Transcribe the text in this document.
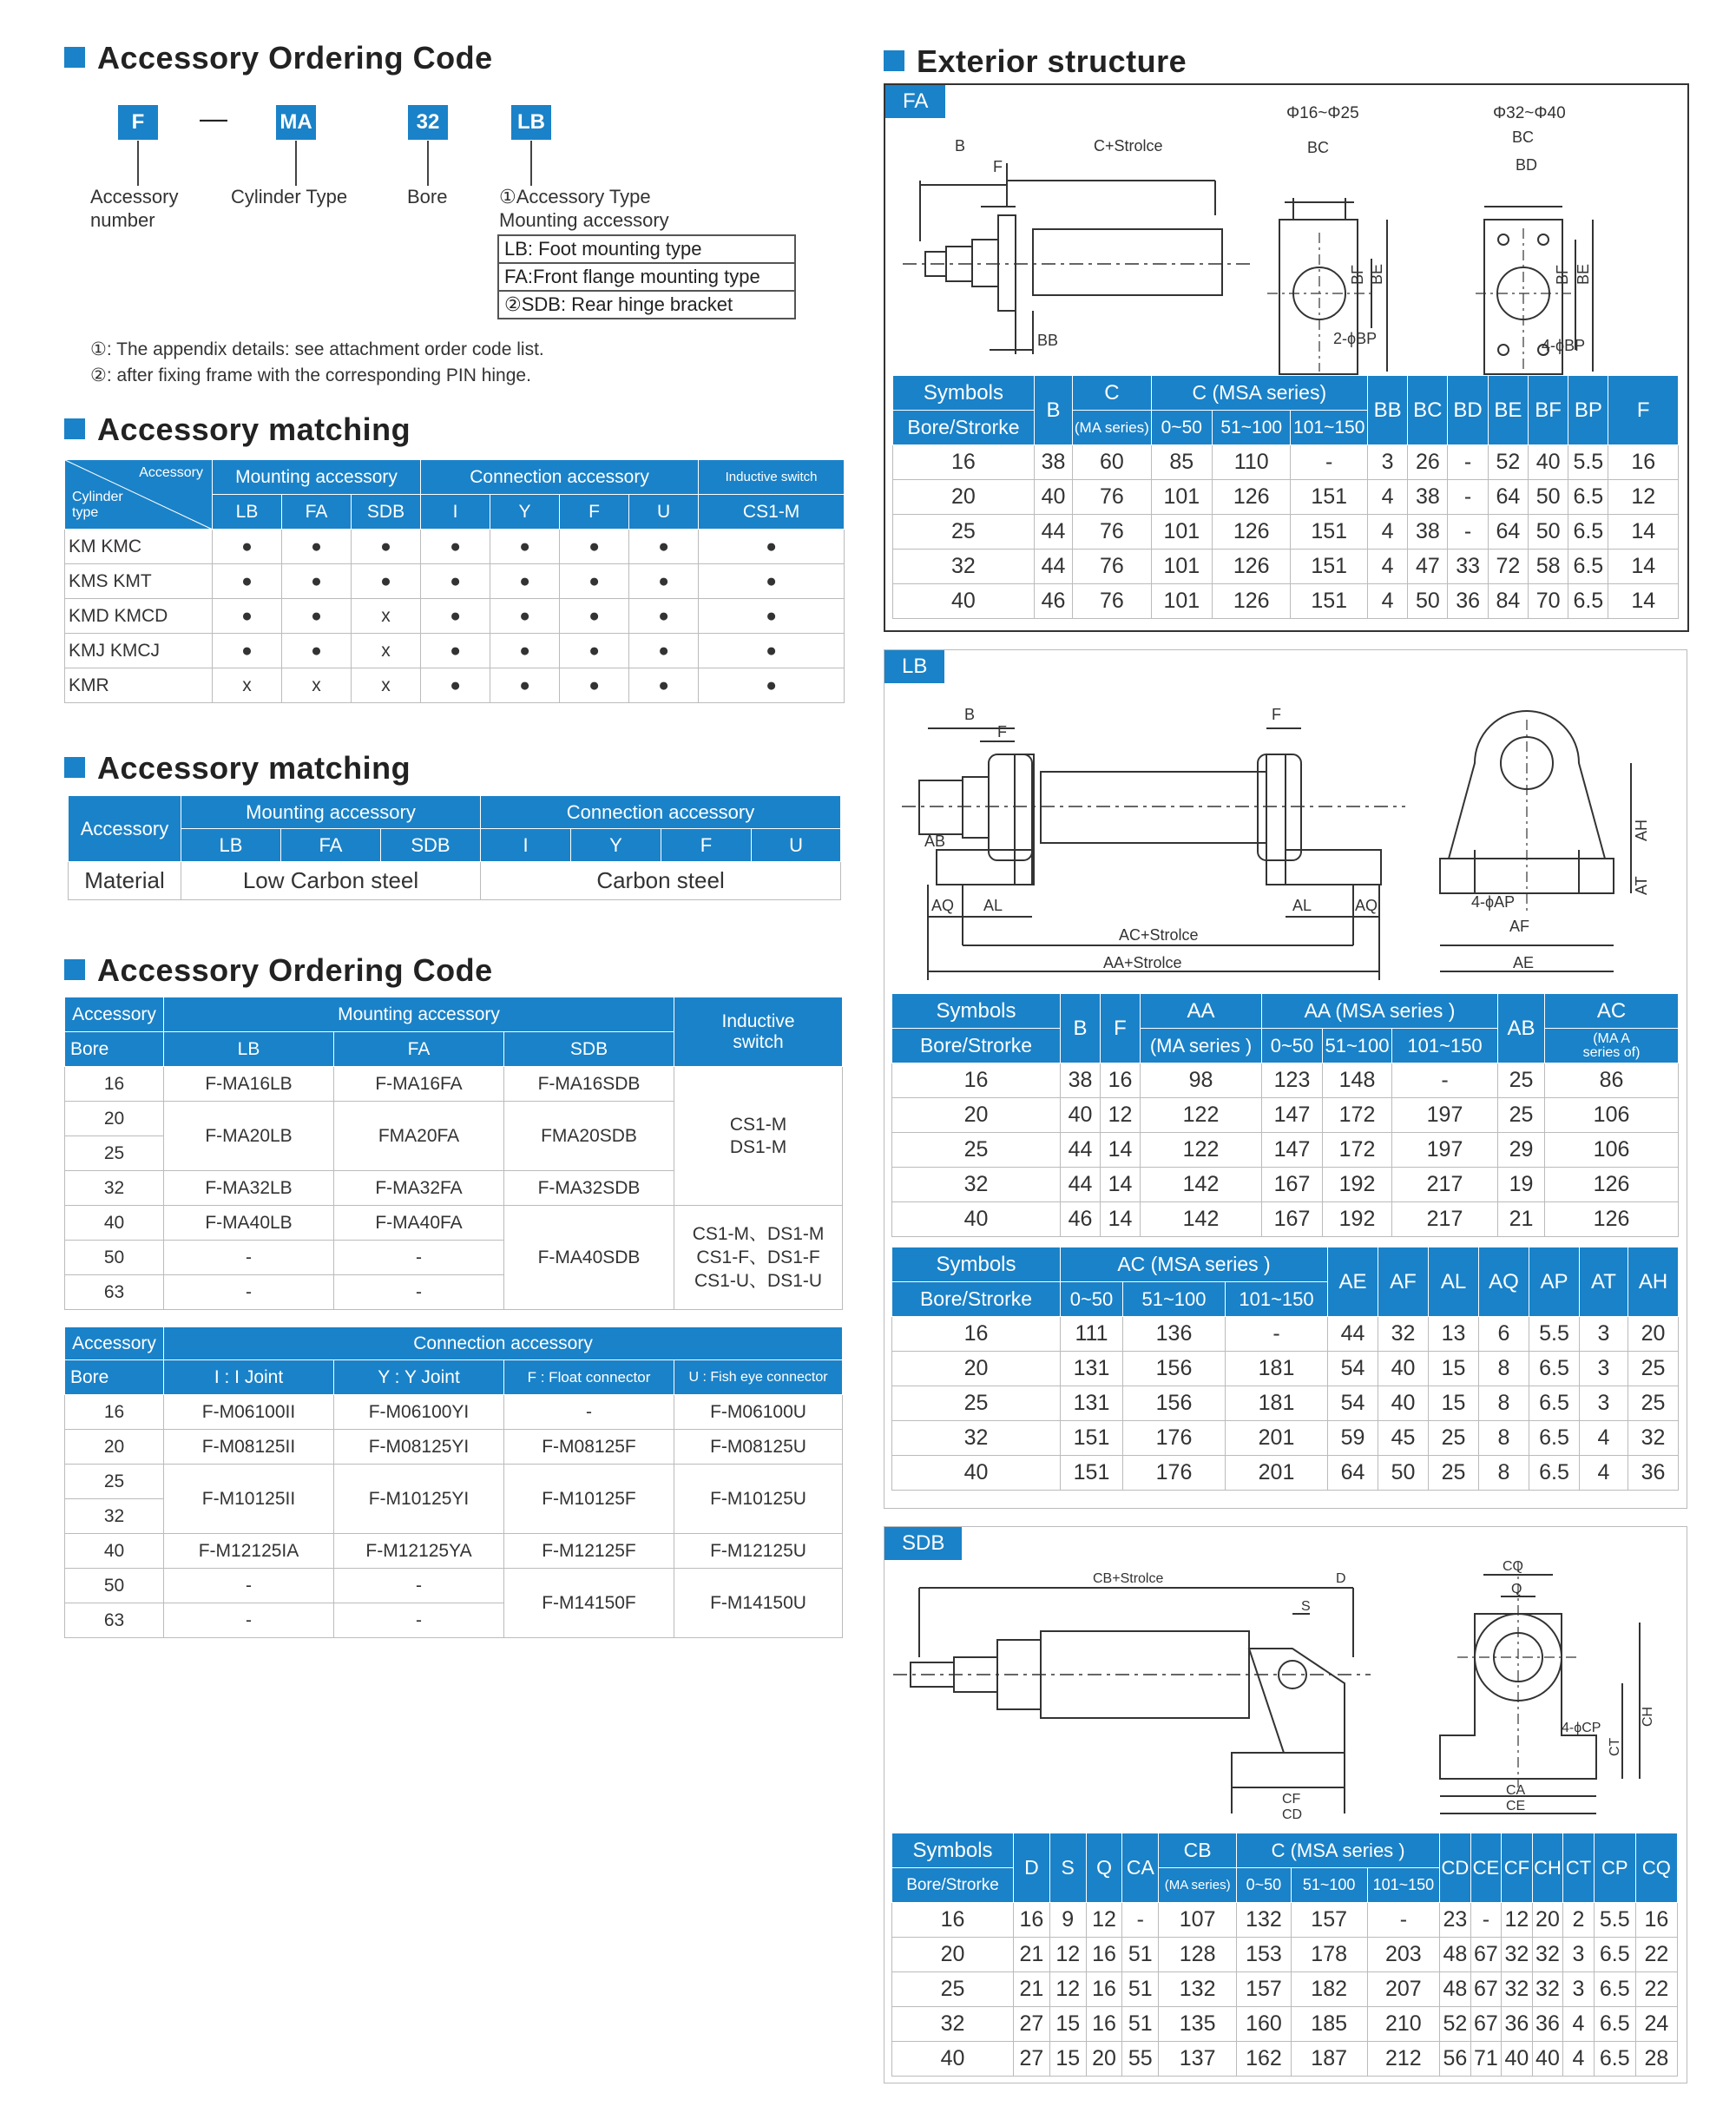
Accessory Ordering Code
F	—	MA	32	LB
Accessory
number
Cylinder Type	Bore	①Accessory Type
Mounting accessory
LB: Foot mounting type
FA:Front flange mounting type
②SDB: Rear hinge bracket
①: The appendix details: see attachment order code list.
②: after fixing frame with the corresponding PIN hinge.
Accessory matching
Accessory
Cylinder
type	Mounting accessory			Connection accessory				Inductive switch
	LB	FA	SDB	I	Y	F	U	CS1-M
KM KMC	●	●	●	●	●	●	●	●
KMS KMT	●	●	●	●	●	●	●	●
KMD KMCD	●	●	x	●	●	●	●	●
KMJ KMCJ	●	●	x	●	●	●	●	●
KMR	x	x	x	●	●	●	●	●
Accessory matching
Accessory	Mounting accessory			Connection accessory			
	LB	FA	SDB	I	Y	F	U
Material	Low Carbon steel			Carbon steel			
Accessory Ordering Code
Accessory	Mounting accessory			Inductive
switch
Bore	LB	FA	SDB	
16	F-MA16LB	F-MA16FA	F-MA16SDB	CS1-M
DS1-M
20	F-MA20LB	FMA20FA	FMA20SDB	
25				
32	F-MA32LB	F-MA32FA	F-MA32SDB	
40	F-MA40LB	F-MA40FA	F-MA40SDB	CS1-M、DS1-M
CS1-F、DS1-F
CS1-U、DS1-U
50	-	-		
63	-	-		
Accessory	Connection accessory			
Bore	I : I Joint	Y : Y Joint	F : Float connector	U : Fish eye connector
16	F-M06100II	F-M06100YI	-	F-M06100U
20	F-M08125II	F-M08125YI	F-M08125F	F-M08125U
25	F-M10125II	F-M10125YI	F-M10125F	F-M10125U
32				
40	F-M12125IA	F-M12125YA	F-M12125F	F-M12125U
50	-	-	F-M14150F	F-M14150U
63	-	-		
Exterior structure
FA
B	C+Strolce
F
BB
Φ16~Φ25	Φ32~Φ40
BC
BC
BD
BF BE	BF BE
2-ϕBP	4-ϕBP
Symbols	B	C	C (MSA series)			BB	BC	BD	BE	BF	BP	F
Bore/Strorke		(MA series)	0~50	51~100	101~150							
16	38	60	85	110	-	3	26	-	52	40	5.5	16
20	40	76	101	126	151	4	38	-	64	50	6.5	12
25	44	76	101	126	151	4	38	-	64	50	6.5	14
32	44	76	101	126	151	4	47	33	72	58	6.5	14
40	46	76	101	126	151	4	50	36	84	70	6.5	14
LB
B
F
F
AB
AQ AL	AL	AQ
AC+Strolce
AA+Strolce
4-ϕAP
AF
AE
AH
AT
Symbols	B	F	AA	AA (MSA series )			AB	AC
Bore/Strorke			(MA series )	0~50	51~100	101~150		(MA A
series of)
16	38	16	98	123	148	-	25	86
20	40	12	122	147	172	197	25	106
25	44	14	122	147	172	197	29	106
32	44	14	142	167	192	217	19	126
40	46	14	142	167	192	217	21	126
Symbols	AC (MSA series )			AE	AF	AL	AQ	AP	AT	AH
Bore/Strorke	0~50	51~100	101~150							
16	111	136	-	44	32	13	6	5.5	3	20
20	131	156	181	54	40	15	8	6.5	3	25
25	131	156	181	54	40	15	8	6.5	3	25
32	151	176	201	59	45	25	8	6.5	4	32
40	151	176	201	64	50	25	8	6.5	4	36
SDB
CB+Strolce	D
S
CF
CD
CQ
Q
4-ϕCP
CT
CH
CA
CE
Symbols	D	S	Q	CA	CB	C (MSA series )			CD	CE	CF	CH	CT	CP	CQ
Bore/Strorke					(MA series)	0~50	51~100	101~150							
16	16	9	12	-	107	132	157	-	23	-	12	20	2	5.5	16
20	21	12	16	51	128	153	178	203	48	67	32	32	3	6.5	22
25	21	12	16	51	132	157	182	207	48	67	32	32	3	6.5	22
32	27	15	16	51	135	160	185	210	52	67	36	36	4	6.5	24
40	27	15	20	55	137	162	187	212	56	71	40	40	4	6.5	28
